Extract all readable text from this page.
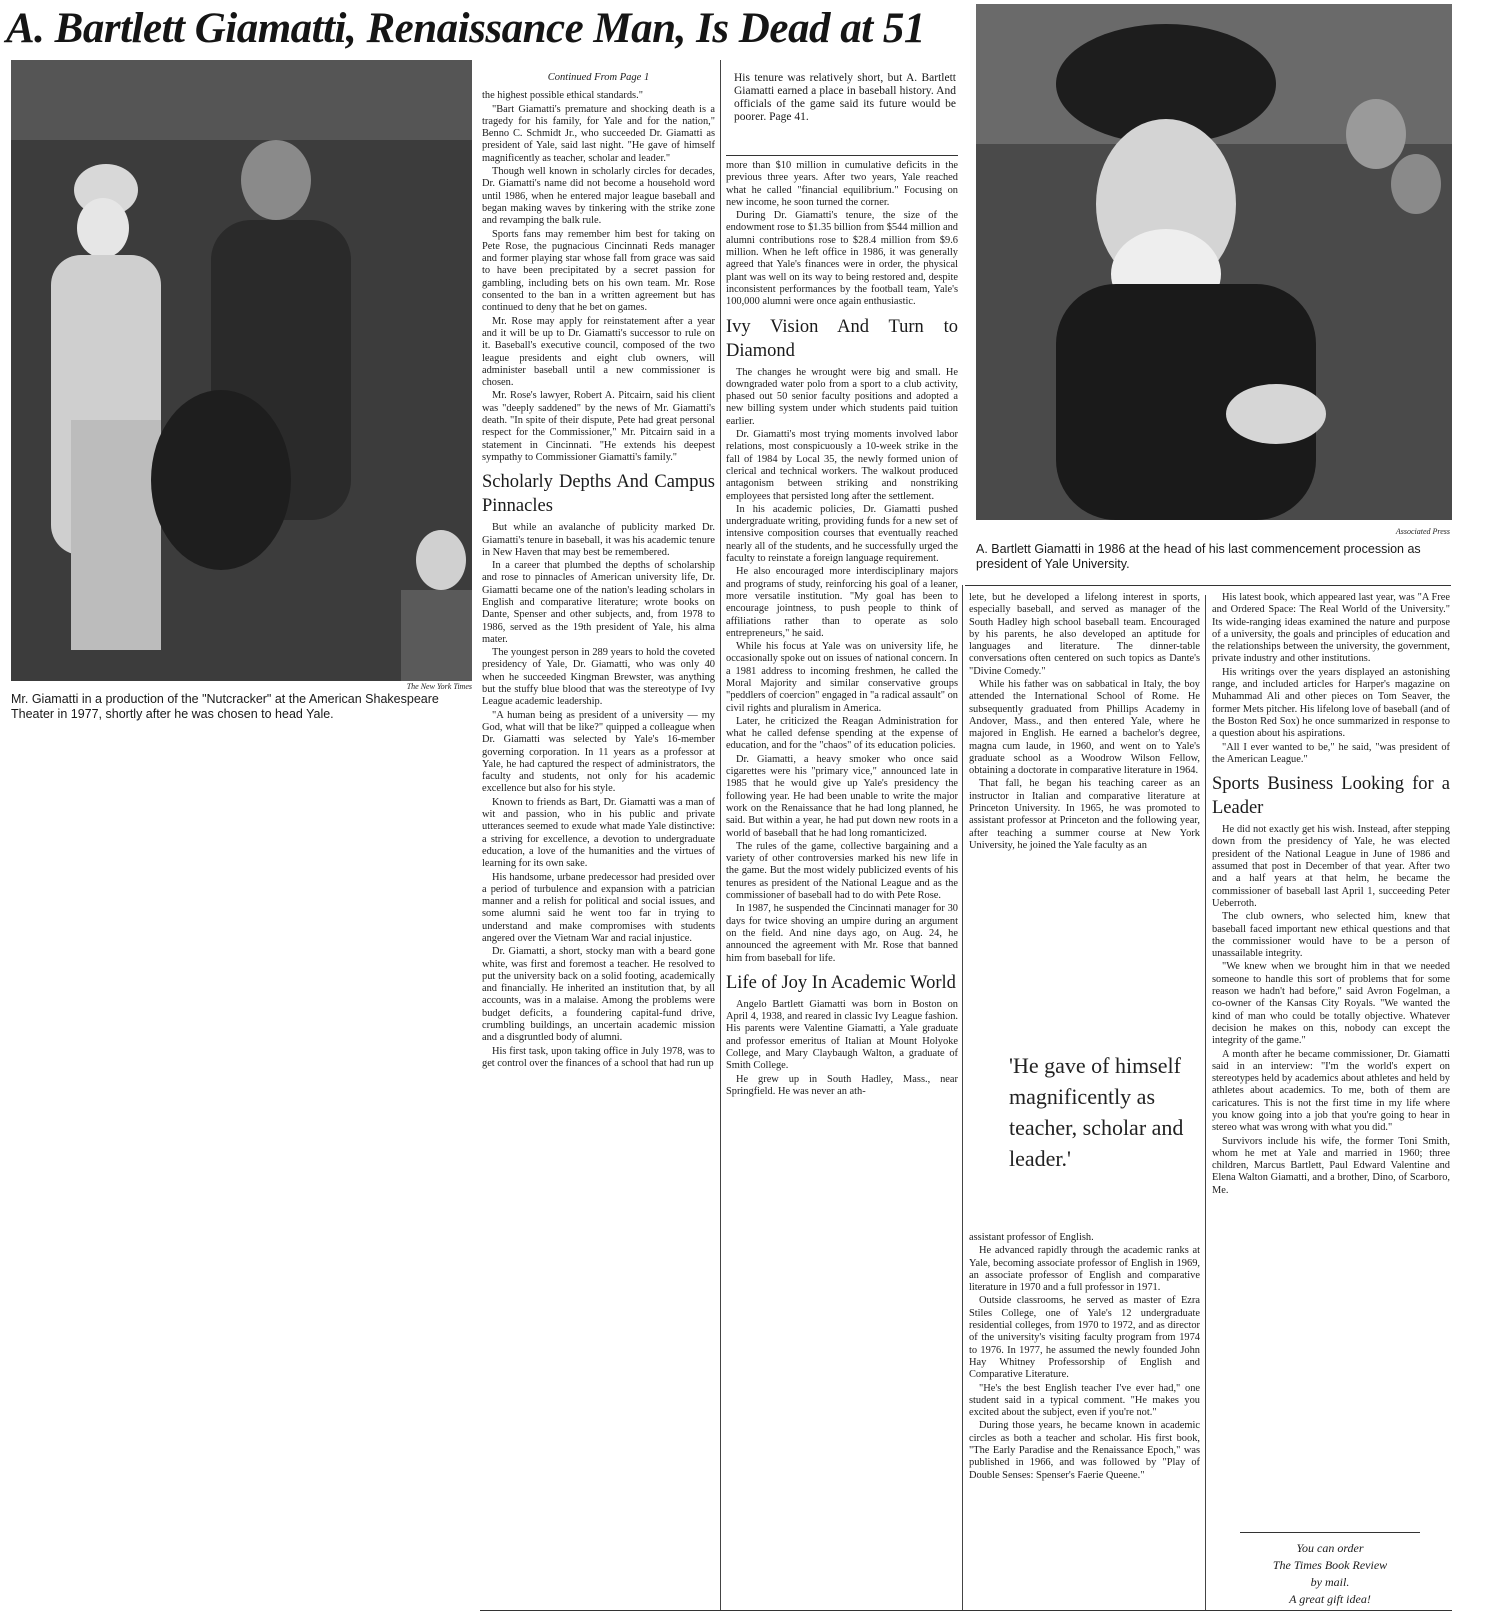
A. Bartlett Giamatti, Renaissance Man, Is Dead at 51
The New York Times
Mr. Giamatti in a production of the "Nutcracker" at the American Shakespeare Theater in 1977, shortly after he was chosen to head Yale.
Associated Press
A. Bartlett Giamatti in 1986 at the head of his last commencement procession as president of Yale University.
Continued From Page 1

the highest possible ethical standards."

"Bart Giamatti's premature and shocking death is a tragedy for his family, for Yale and for the nation," Benno C. Schmidt Jr., who succeeded Dr. Giamatti as president of Yale, said last night. "He gave of himself magnificently as teacher, scholar and leader."

Though well known in scholarly circles for decades, Dr. Giamatti's name did not become a household word until 1986, when he entered major league baseball and began making waves by tinkering with the strike zone and revamping the balk rule.

Sports fans may remember him best for taking on Pete Rose, the pugnacious Cincinnati Reds manager and former playing star whose fall from grace was said to have been precipitated by a secret passion for gambling, including bets on his own team. Mr. Rose consented to the ban in a written agreement but has continued to deny that he bet on games.

Mr. Rose may apply for reinstatement after a year and it will be up to Dr. Giamatti's successor to rule on it. Baseball's executive council, composed of the two league presidents and eight club owners, will administer baseball until a new commissioner is chosen.

Mr. Rose's lawyer, Robert A. Pitcairn, said his client was "deeply saddened" by the news of Mr. Giamatti's death. "In spite of their dispute, Pete had great personal respect for the Commissioner," Mr. Pitcairn said in a statement in Cincinnati. "He extends his deepest sympathy to Commissioner Giamatti's family."

Scholarly Depths And Campus Pinnacles

But while an avalanche of publicity marked Dr. Giamatti's tenure in baseball, it was his academic tenure in New Haven that may best be remembered.

In a career that plumbed the depths of scholarship and rose to pinnacles of American university life, Dr. Giamatti became one of the nation's leading scholars in English and comparative literature; wrote books on Dante, Spenser and other subjects, and, from 1978 to 1986, served as the 19th president of Yale, his alma mater.

The youngest person in 289 years to hold the coveted presidency of Yale, Dr. Giamatti, who was only 40 when he succeeded Kingman Brewster, was anything but the stuffy blue blood that was the stereotype of Ivy League academic leadership.

"A human being as president of a university — my God, what will that be like?" quipped a colleague when Dr. Giamatti was selected by Yale's 16-member governing corporation. In 11 years as a professor at Yale, he had captured the respect of administrators, the faculty and students, not only for his academic excellence but also for his style.

Known to friends as Bart, Dr. Giamatti was a man of wit and passion, who in his public and private utterances seemed to exude what made Yale distinctive: a striving for excellence, a devotion to undergraduate education, a love of the humanities and the virtues of learning for its own sake.

His handsome, urbane predecessor had presided over a period of turbulence and expansion with a patrician manner and a relish for political and social issues, and some alumni said he went too far in trying to understand and make compromises with students angered over the Vietnam War and racial injustice.

Dr. Giamatti, a short, stocky man with a beard gone white, was first and foremost a teacher. He resolved to put the university back on a solid footing, academically and financially. He inherited an institution that, by all accounts, was in a malaise. Among the problems were budget deficits, a foundering capital-fund drive, crumbling buildings, an uncertain academic mission and a disgruntled body of alumni.

His first task, upon taking office in July 1978, was to get control over the finances of a school that had run up

His tenure was relatively short, but A. Bartlett Giamatti earned a place in baseball history. And officials of the game said its future would be poorer. Page 41.

more than $10 million in cumulative deficits in the previous three years. After two years, Yale reached what he called "financial equilibrium." Focusing on new income, he soon turned the corner.

During Dr. Giamatti's tenure, the size of the endowment rose to $1.35 billion from $544 million and alumni contributions rose to $28.4 million from $9.6 million. When he left office in 1986, it was generally agreed that Yale's finances were in order, the physical plant was well on its way to being restored and, despite inconsistent performances by the football team, Yale's 100,000 alumni were once again enthusiastic.

Ivy Vision And Turn to Diamond

The changes he wrought were big and small. He downgraded water polo from a sport to a club activity, phased out 50 senior faculty positions and adopted a new billing system under which students paid tuition earlier.

Dr. Giamatti's most trying moments involved labor relations, most conspicuously a 10-week strike in the fall of 1984 by Local 35, the newly formed union of clerical and technical workers. The walkout produced antagonism between striking and nonstriking employees that persisted long after the settlement.

In his academic policies, Dr. Giamatti pushed undergraduate writing, providing funds for a new set of intensive composition courses that eventually reached nearly all of the students, and he successfully urged the faculty to reinstate a foreign language requirement.

He also encouraged more interdisciplinary majors and programs of study, reinforcing his goal of a leaner, more versatile institution. "My goal has been to encourage jointness, to push people to think of affiliations rather than to operate as solo entrepreneurs," he said.

While his focus at Yale was on university life, he occasionally spoke out on issues of national concern. In a 1981 address to incoming freshmen, he called the Moral Majority and similar conservative groups "peddlers of coercion" engaged in "a radical assault" on civil rights and pluralism in America.

Later, he criticized the Reagan Administration for what he called defense spending at the expense of education, and for the "chaos" of its education policies.

Dr. Giamatti, a heavy smoker who once said cigarettes were his "primary vice," announced late in 1985 that he would give up Yale's presidency the following year. He had been unable to write the major work on the Renaissance that he had long planned, he said. But within a year, he had put down new roots in a world of baseball that he had long romanticized.

The rules of the game, collective bargaining and a variety of other controversies marked his new life in the game. But the most widely publicized events of his tenures as president of the National League and as the commissioner of baseball had to do with Pete Rose.

In 1987, he suspended the Cincinnati manager for 30 days for twice shoving an umpire during an argument on the field. And nine days ago, on Aug. 24, he announced the agreement with Mr. Rose that banned him from baseball for life.

Life of Joy In Academic World

Angelo Bartlett Giamatti was born in Boston on April 4, 1938, and reared in classic Ivy League fashion. His parents were Valentine Giamatti, a Yale graduate and professor emeritus of Italian at Mount Holyoke College, and Mary Claybaugh Walton, a graduate of Smith College.

He grew up in South Hadley, Mass., near Springfield. He was never an ath-

lete, but he developed a lifelong interest in sports, especially baseball, and served as manager of the South Hadley high school baseball team. Encouraged by his parents, he also developed an aptitude for languages and literature. The dinner-table conversations often centered on such topics as Dante's "Divine Comedy."

While his father was on sabbatical in Italy, the boy attended the International School of Rome. He subsequently graduated from Phillips Academy in Andover, Mass., and then entered Yale, where he majored in English. He earned a bachelor's degree, magna cum laude, in 1960, and went on to Yale's graduate school as a Woodrow Wilson Fellow, obtaining a doctorate in comparative literature in 1964.

That fall, he began his teaching career as an instructor in Italian and comparative literature at Princeton University. In 1965, he was promoted to assistant professor at Princeton and the following year, after teaching a summer course at New York University, he joined the Yale faculty as an

'He gave of himself magnificently as teacher, scholar and leader.'

assistant professor of English.

He advanced rapidly through the academic ranks at Yale, becoming associate professor of English in 1969, an associate professor of English and comparative literature in 1970 and a full professor in 1971.

Outside classrooms, he served as master of Ezra Stiles College, one of Yale's 12 undergraduate residential colleges, from 1970 to 1972, and as director of the university's visiting faculty program from 1974 to 1976. In 1977, he assumed the newly founded John Hay Whitney Professorship of English and Comparative Literature.

"He's the best English teacher I've ever had," one student said in a typical comment. "He makes you excited about the subject, even if you're not."

During those years, he became known in academic circles as both a teacher and scholar. His first book, "The Early Paradise and the Renaissance Epoch," was published in 1966, and was followed by "Play of Double Senses: Spenser's Faerie Queene."

His latest book, which appeared last year, was "A Free and Ordered Space: The Real World of the University." Its wide-ranging ideas examined the nature and purpose of a university, the goals and principles of education and the relationships between the university, the government, private industry and other institutions.

His writings over the years displayed an astonishing range, and included articles for Harper's magazine on Muhammad Ali and other pieces on Tom Seaver, the former Mets pitcher. His lifelong love of baseball (and of the Boston Red Sox) he once summarized in response to a question about his aspirations.

"All I ever wanted to be," he said, "was president of the American League."

Sports Business Looking for a Leader

He did not exactly get his wish. Instead, after stepping down from the presidency of Yale, he was elected president of the National League in June of 1986 and assumed that post in December of that year. After two and a half years at that helm, he became the commissioner of baseball last April 1, succeeding Peter Ueberroth.

The club owners, who selected him, knew that baseball faced important new ethical questions and that the commissioner would have to be a person of unassailable integrity.

"We knew when we brought him in that we needed someone to handle this sort of problems that for some reason we hadn't had before," said Avron Fogelman, a co-owner of the Kansas City Royals. "We wanted the kind of man who could be totally objective. Whatever decision he makes on this, nobody can except the integrity of the game."

A month after he became commissioner, Dr. Giamatti said in an interview: "I'm the world's expert on stereotypes held by academics about athletes and held by athletes about academics. To me, both of them are caricatures. This is not the first time in my life where you know going into a job that you're going to hear in stereo what was wrong with what you did."

Survivors include his wife, the former Toni Smith, whom he met at Yale and married in 1960; three children, Marcus Bartlett, Paul Edward Valentine and Elena Walton Giamatti, and a brother, Dino, of Scarboro, Me.

You can order
The Times Book Review
by mail.
A great gift idea!
